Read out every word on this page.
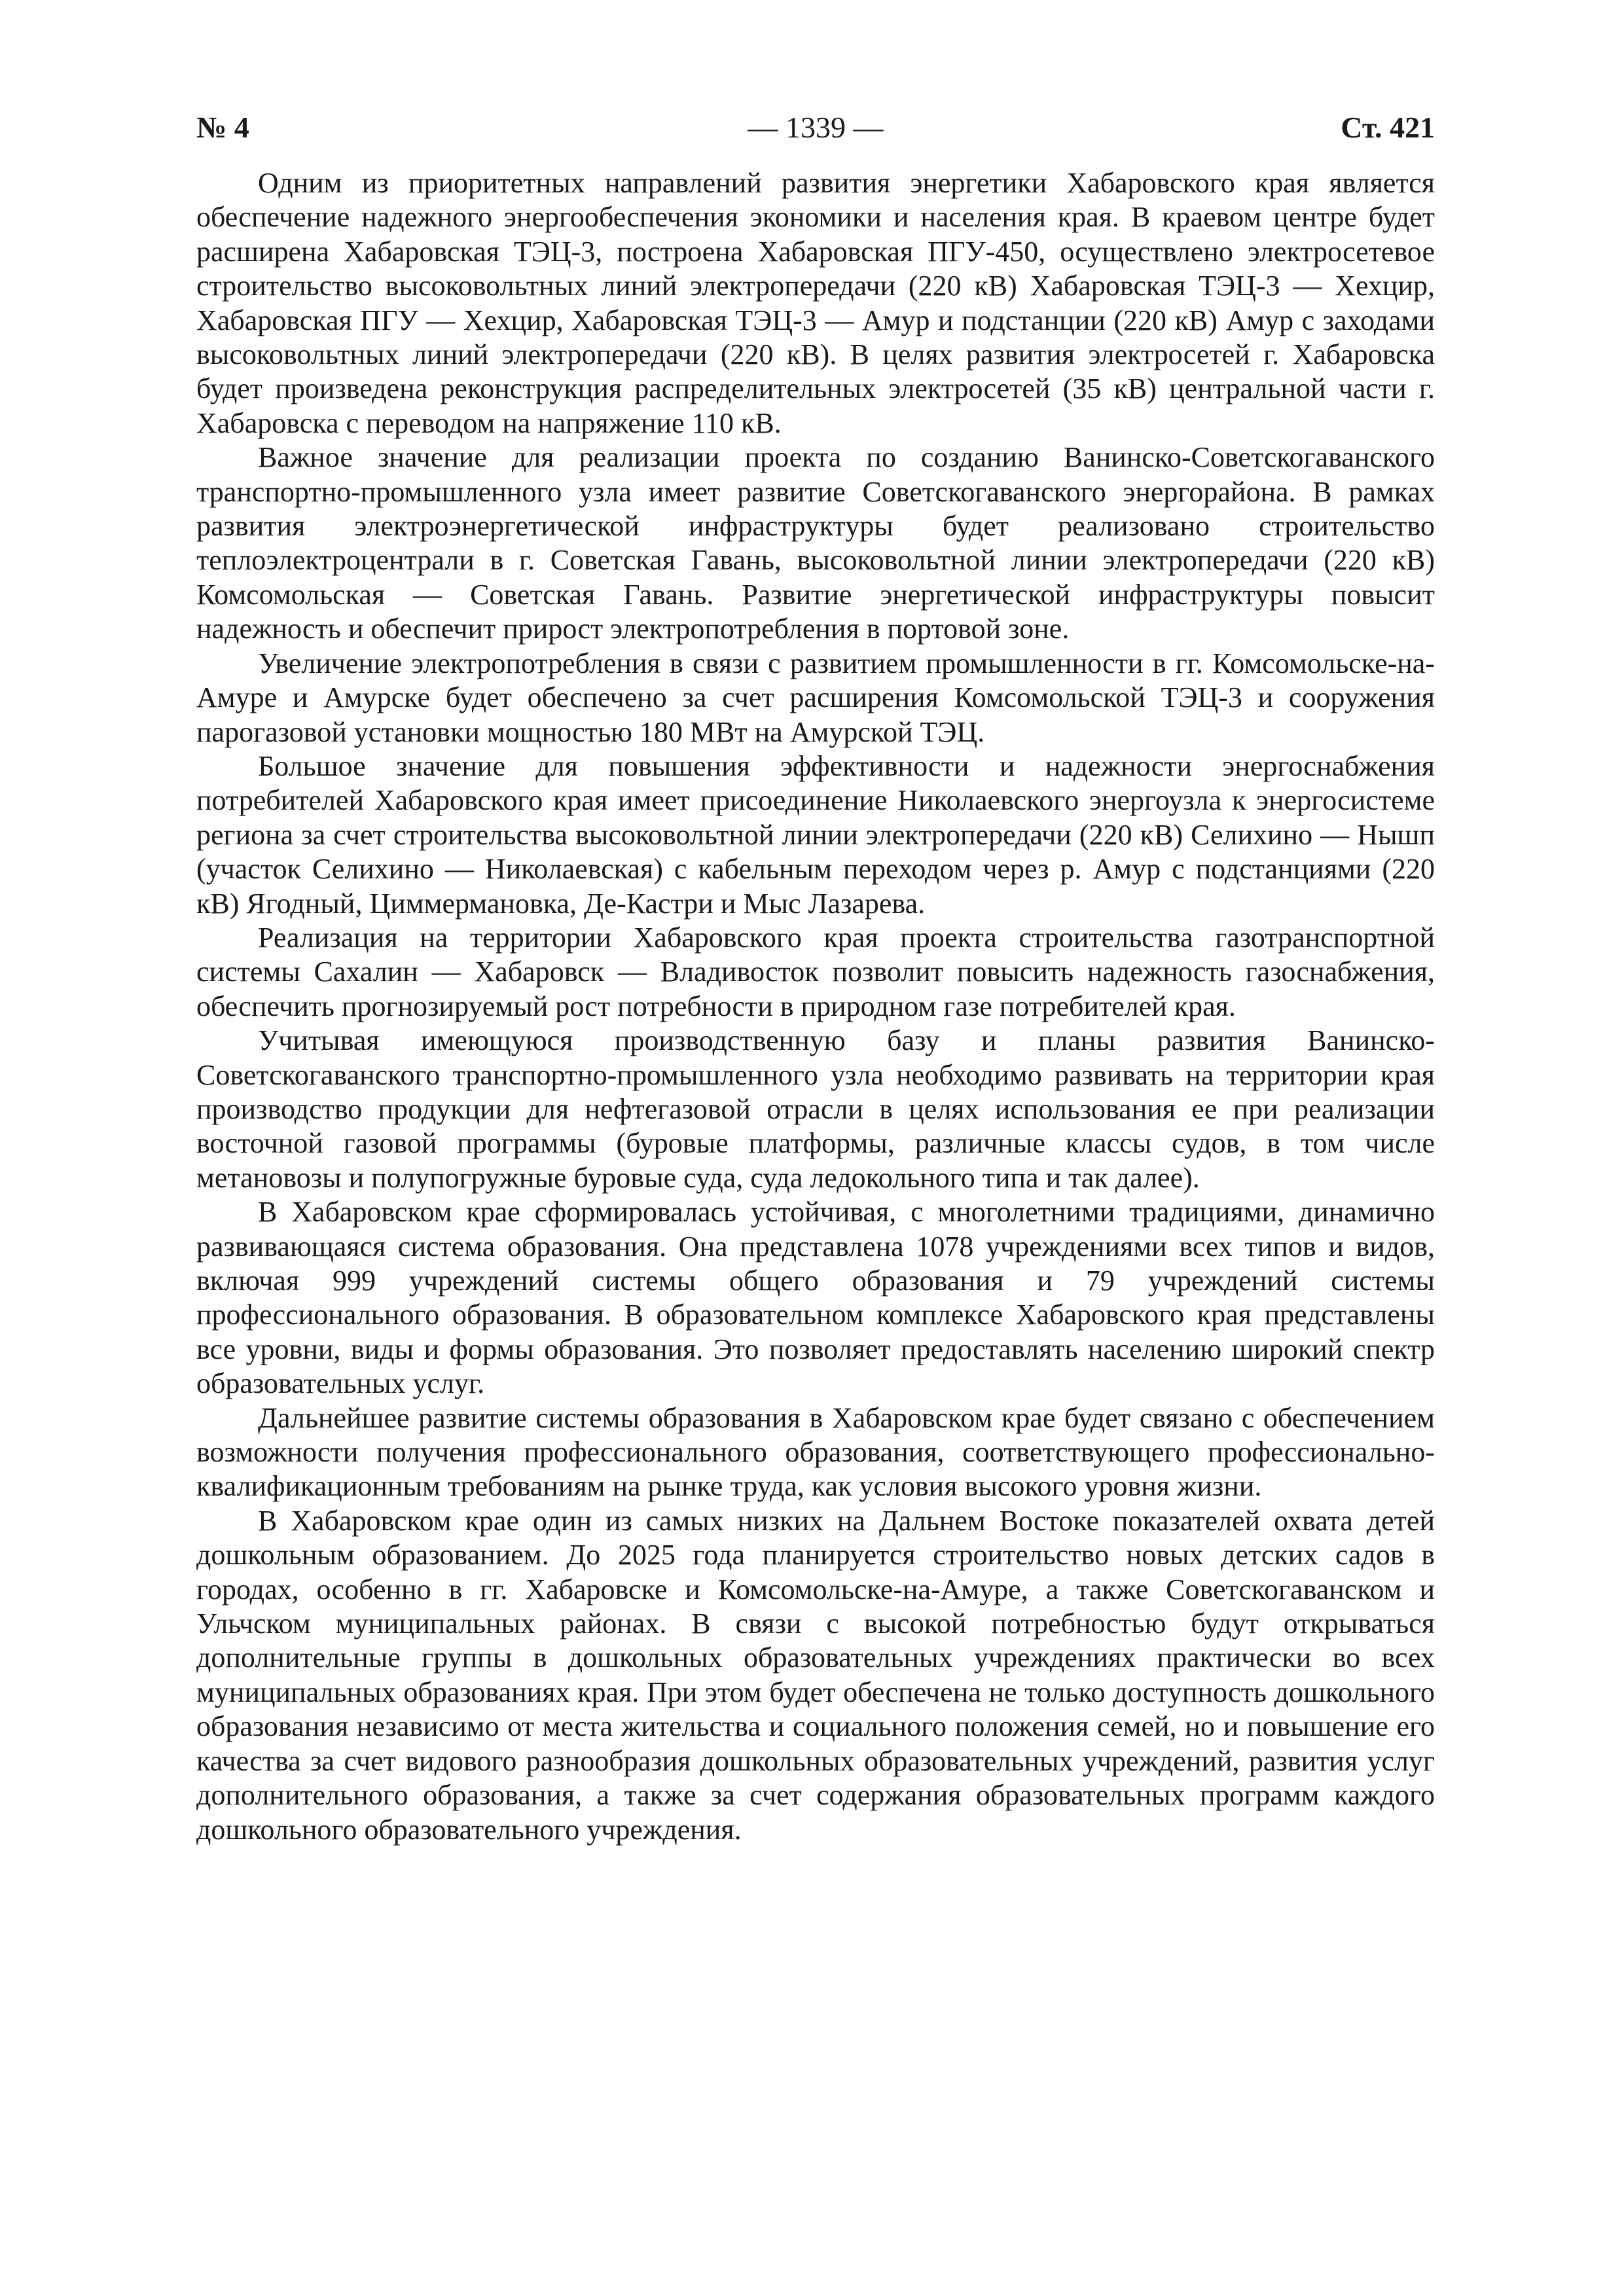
— 1339 —
№ 4	Ст. 421

Одним из приоритетных направлений развития энергетики Хабаровского края является обеспечение надежного энергообеспечения экономики и населения края. В краевом центре будет расширена Хабаровская ТЭЦ-3, построена Хабаровская ПГУ-450, осуществлено электросетевое строительство высоковольтных линий электропередачи (220 кВ) Хабаровская ТЭЦ-3 — Хехцир, Хабаровская ПГУ — Хехцир, Хабаровская ТЭЦ-3 — Амур и подстанции (220 кВ) Амур с заходами высоковольтных линий электропередачи (220 кВ). В целях развития электросетей г. Хабаровска будет произведена реконструкция распределительных электросетей (35 кВ) центральной части г. Хабаровска с переводом на напряжение 110 кВ.

Важное значение для реализации проекта по созданию Ванинско-Советскогаванского транспортно-промышленного узла имеет развитие Советскогаванского энергорайона. В рамках развития электроэнергетической инфраструктуры будет реализовано строительство теплоэлектроцентрали в г. Советская Гавань, высоковольтной линии электропередачи (220 кВ) Комсомольская — Советская Гавань. Развитие энергетической инфраструктуры повысит надежность и обеспечит прирост электропотребления в портовой зоне.

Увеличение электропотребления в связи с развитием промышленности в гг. Комсомольске-на-Амуре и Амурске будет обеспечено за счет расширения Комсомольской ТЭЦ-3 и сооружения парогазовой установки мощностью 180 МВт на Амурской ТЭЦ.

Большое значение для повышения эффективности и надежности энергоснабжения потребителей Хабаровского края имеет присоединение Николаевского энергоузла к энергосистеме региона за счет строительства высоковольтной линии электропередачи (220 кВ) Селихино — Нышп (участок Селихино — Николаевская) с кабельным переходом через р. Амур с подстанциями (220 кВ) Ягодный, Циммермановка, Де-Кастри и Мыс Лазарева.

Реализация на территории Хабаровского края проекта строительства газотранспортной системы Сахалин — Хабаровск — Владивосток позволит повысить надежность газоснабжения, обеспечить прогнозируемый рост потребности в природном газе потребителей края.

Учитывая имеющуюся производственную базу и планы развития Ванинско-Советскогаванского транспортно-промышленного узла необходимо развивать на территории края производство продукции для нефтегазовой отрасли в целях использования ее при реализации восточной газовой программы (буровые платформы, различные классы судов, в том числе метановозы и полупогружные буровые суда, суда ледокольного типа и так далее).

В Хабаровском крае сформировалась устойчивая, с многолетними традициями, динамично развивающаяся система образования. Она представлена 1078 учреждениями всех типов и видов, включая 999 учреждений системы общего образования и 79 учреждений системы профессионального образования. В образовательном комплексе Хабаровского края представлены все уровни, виды и формы образования. Это позволяет предоставлять населению широкий спектр образовательных услуг.

Дальнейшее развитие системы образования в Хабаровском крае будет связано с обеспечением возможности получения профессионального образования, соответствующего профессионально-квалификационным требованиям на рынке труда, как условия высокого уровня жизни.

В Хабаровском крае один из самых низких на Дальнем Востоке показателей охвата детей дошкольным образованием. До 2025 года планируется строительство новых детских садов в городах, особенно в гг. Хабаровске и Комсомольске-на-Амуре, а также Советскогаванском и Ульчском муниципальных районах. В связи с высокой потребностью будут открываться дополнительные группы в дошкольных образовательных учреждениях практически во всех муниципальных образованиях края. При этом будет обеспечена не только доступность дошкольного образования независимо от места жительства и социального положения семей, но и повышение его качества за счет видового разнообразия дошкольных образовательных учреждений, развития услуг дополнительного образования, а также за счет содержания образовательных программ каждого дошкольного образовательного учреждения.
